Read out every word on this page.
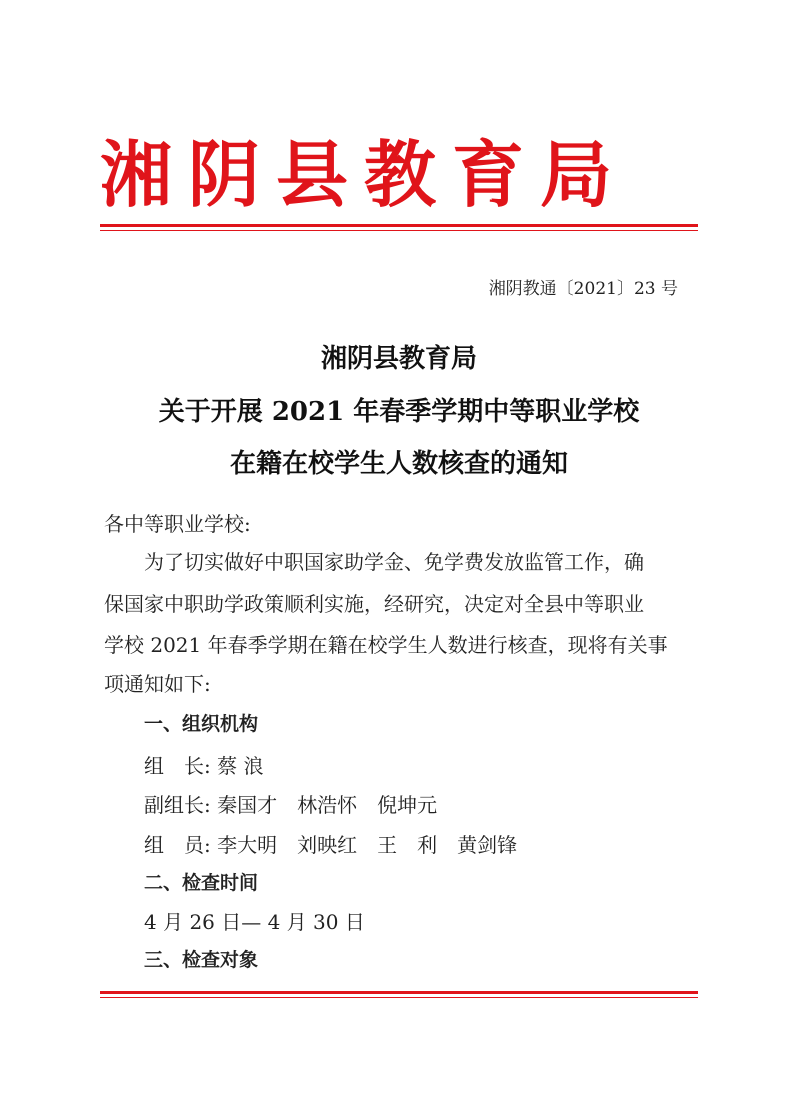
湘阴县教育局
湘阴教通〔2021〕23 号
湘阴县教育局
关于开展 2021 年春季学期中等职业学校
在籍在校学生人数核查的通知
各中等职业学校:
为了切实做好中职国家助学金、免学费发放监管工作，确
保国家中职助学政策顺利实施，经研究，决定对全县中等职业
学校 2021 年春季学期在籍在校学生人数进行核查，现将有关事
项通知如下:
一、组织机构
组　长: 蔡 浪
副组长: 秦国才　林浩怀　倪坤元
组　员: 李大明　刘映红　王　利　黄剑锋
二、检查时间
4 月 26 日— 4 月 30 日
三、检查对象
